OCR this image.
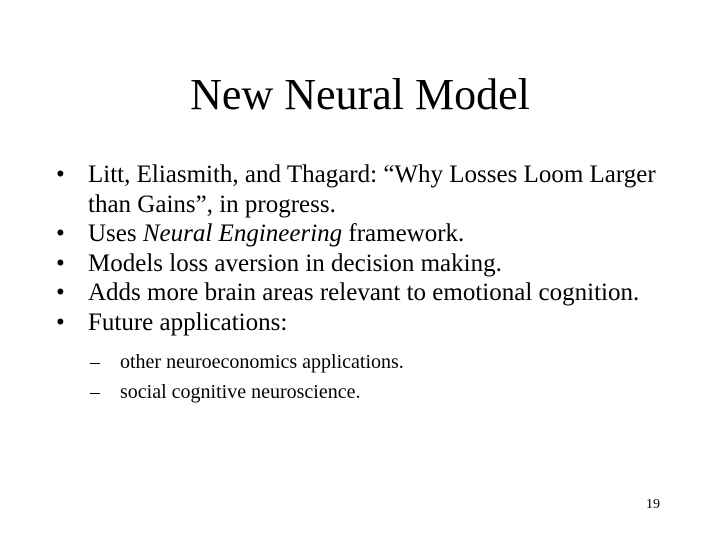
New Neural Model
• Litt, Eliasmith, and Thagard: “Why Losses Loom Larger than Gains”, in progress.
• Uses Neural Engineering framework.
• Models loss aversion in decision making.
• Adds more brain areas relevant to emotional cognition.
• Future applications:
– other neuroeconomics applications.
– social cognitive neuroscience.
19
